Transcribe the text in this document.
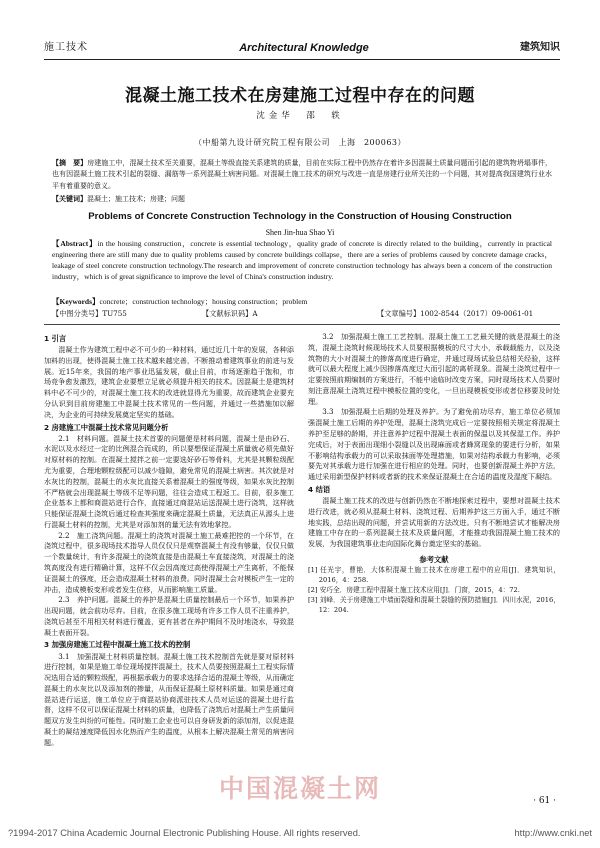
施工技术	Architectural Knowledge	建筑知识
混凝土施工技术在房建施工过程中存在的问题
沈金华　邵　轶
（中船第九设计研究院工程有限公司　上海　200063）
【摘　要】房建施工中，混凝土技术至关重要，混凝土等级直接关系建筑的质量，目前在实际工程中仍然存在着许多因混凝土质量问题而引起的建筑物坍塌事件，也有因混凝土施工技术引起的裂缝、漏筋等一系列混凝土病害问题。对混凝土施工技术的研究与改进一直是房建行业所关注的一个问题，其对提高我国建筑行业水平有着重要的意义。
【关键词】混凝土；施工技术；房建；问题
Problems of Concrete Construction Technology in the Construction of Housing Construction
Shen Jin-hua Shao Yi
【Abstract】in the housing construction，concrete is essential technology，quality grade of concrete is directly related to the building，currently in practical engineering there are still many due to quality problems caused by concrete buildings collapse，there are a series of problems caused by concrete damage cracks，leakage of steel concrete construction technology.The research and improvement of concrete construction technology has always been a concern of the construction industry，which is of great significance to improve the level of China's construction industry.
【Keywords】concrete；construction technology；housing construction；problem
【中图分类号】TU755	【文献标识码】A	【文章编号】1002-8544（2017）09-0061-01
1 引言

混凝土作为建筑工程中必不可少的一种材料，通过近几十年的发展，各种添加料的出现，使得混凝土施工技术越来越完善，不断推动着建筑事业的前进与发展。近15年来，我国的地产事业迅猛发展，截止目前，市场逐渐趋于饱和，市场竞争愈发激烈，建筑企业要想立足就必须提升相关的技术。因混凝土是建筑材料中必不可少的，对混凝土施工技术的改进就显得尤为重要，故而建筑企业要充分认识到目前房建施工中混凝土技术常见的一些问题，并通过一些措施加以解决，为企业的可持续发展奠定坚实的基础。

2 房建施工中混凝土技术常见问题分析

2.1　材料问题。混凝土技术首要的问题便是材料问题，混凝土是由砂石、水泥以及水经过一定的比例混合而成的，所以要想保证混凝土质量就必须先做好对原材料的控制。在混凝土搅拌之前一定要选好砂石等骨料，尤其是其颗粒级配尤为重要，合理地颗粒级配可以减少缝隙，避免常见的混凝土病害。其次就是对水灰比的控制，混凝土的水灰比直接关系着混凝土的强度等级，如果水灰比控制不严格就会出现混凝土等级不足等问题，往往会造成工程返工。目前，很多施工企业基本上都和商混站进行合作，直接通过商混站运送混凝土进行浇筑，这样就只能保证混凝土浇筑后通过检查其强度来确定混凝土质量，无法真正从源头上进行混凝土材料的控制，尤其是对添加剂的量无法有效地掌控。

2.2　施工浇筑问题。混凝土的浇筑对混凝土施工最难把控的一个环节，在浇筑过程中，很多现场技术指导人员仅仅只是观察混凝土有没有够量，仅仅只做一个数量统计，有许多混凝土的浇筑直接是由混凝土车直接浇筑，对混凝土的浇筑高度没有进行精确计算，这样不仅会因高度过高使得混凝土产生离析，不能保证混凝土的强度，还会造成混凝土材料的浪费。同时混凝土会对模板产生一定的冲击，造成模板变形或者发生位移，从而影响施工质量。

2.3　养护问题。混凝土的养护是混凝土质量控制最后一个环节，如果养护出现问题，就会前功尽弃。目前，在很多施工现场有许多工作人员不注重养护，浇筑后甚至不用相关材料进行覆盖，更有甚者在养护期间不及时地浇水，导致混凝土表面开裂。

3 加强房建施工过程中混凝土施工技术的控制

3.1　加强混凝土材料质量控制。混凝土施工技术控制首先就是要对原材料进行控制，如果是施工单位现场搅拌混凝土，技术人员要按照混凝土工程实际情况选用合适的颗粒级配，再根据承载力的要求选择合适的混凝土等级，从而确定混凝土的水灰比以及添加剂的掺量，从而保证混凝土原材料质量。如果是通过商混站进行运送，施工单位应于商混站协商派驻技术人员对运送的混凝土进行监督，这样不仅可以保证混凝土材料的质量，也降低了浇筑后对混凝土产生质量问题双方发生纠纷的可能性。同时施工企业也可以自身研发新的添加剂，以促进混凝土的凝结速度降低因水化热而产生的温度，从根本上解决混凝土常见的病害问题。

3.2　加强混凝土施工工艺控制。混凝土施工工艺最关键的就是混凝土的浇筑，混凝土浇筑时候现场技术人员要根据模板的尺寸大小，承载载能力，以及浇筑物的大小对混凝土的掺落高度进行确定，并通过现场试验总结相关经验，这样就可以最大程度上减少因掺落高度过大而引起的离析现象。混凝土浇筑过程中一定要按照前期编制的方案进行，不能中途临时改变方案，同时现场技术人员要时刻注意混凝土浇筑过程中模板位置的变化，一旦出现模板变形或者位移要及时处理。

3.3　加强混凝土后期的处理及养护。为了避免前功尽弃，施工单位必须加强混凝土施工后期的养护处理，混凝土浇筑完成后一定要按照相关规定将混凝土养护至足够的龄期，并注意养护过程中混凝土表面的保温以及其保湿工作。养护完成后，对于表面出现细小裂缝以及出现麻面或者蜂窝现象的要进行分析，如果不影响结构承载力的可以采取抹面等处理措施，如果对结构承载力有影响，必须要先对其承载力进行加强在进行相应的处理。同时，也要创新混凝土养护方法，通过采用新型保护材料或者新的技术来保证混凝土在合适的温度及湿度下凝结。

4 结语

混凝土施工技术的改进与创新仍然在不断地探索过程中，要想对混凝土技术进行改进，就必须从混凝土材料、浇筑过程、后期养护这三方面入手，通过不断地实践，总结出现的问题，并尝试用新的方法改进。只有不断地尝试才能解决房建施工中存在的一系列混凝土技术及质量问题，才能推动我国混凝土施工技术的发展，为我国建筑事业走向国际化舞台奠定坚实的基础。

参考文献
[1] 任光宇，曹艳．大体积混凝土施工技术在房建工程中的应用[J]．建筑知识，2016，4：258.
[2] 安巧全．房建工程中混凝土施工技术应用[J]．门窗，2015，4：72.
[3] 刘峰．关于房建施工中墙面裂缝和混凝土裂缝的预防措施[J]．四川水泥，2016，12：204.
中国混凝土网	· 61 ·
?1994-2017 China Academic Journal Electronic Publishing House. All rights reserved.	http://www.cnki.net
